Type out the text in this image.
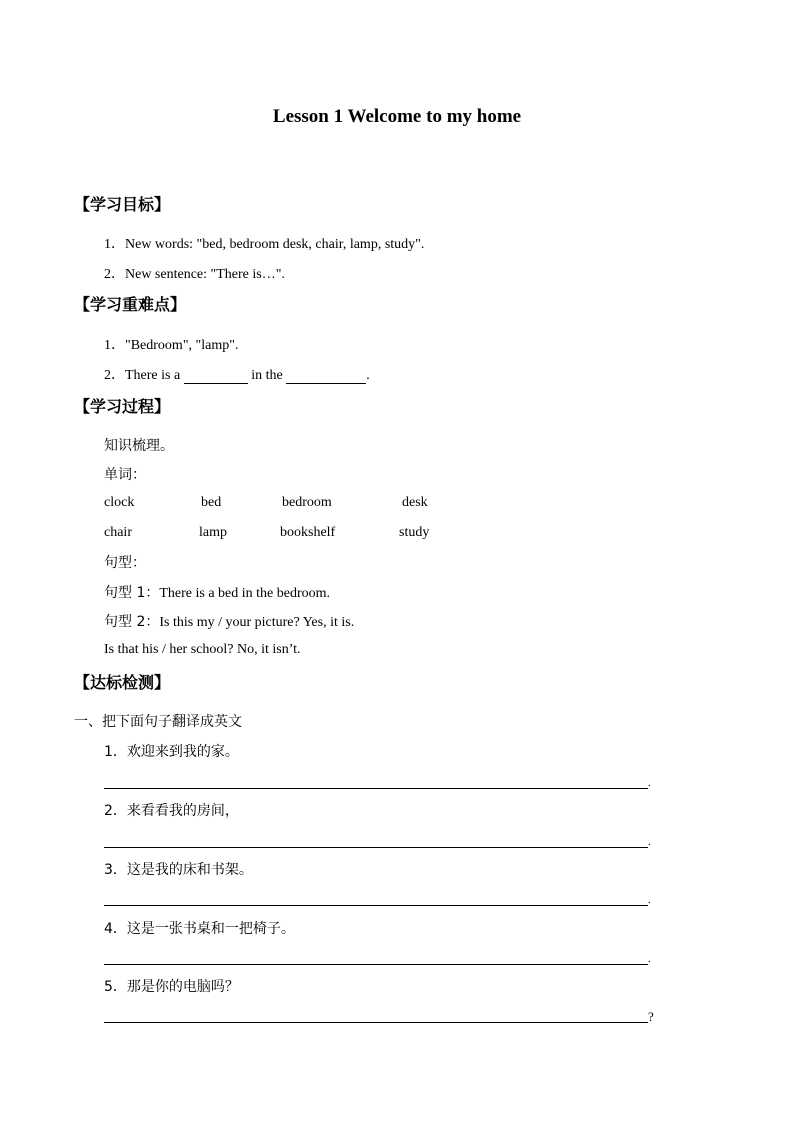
Lesson 1 Welcome to my home
【学习目标】
1．New words: "bed, bedroom desk, chair, lamp, study".
2．New sentence: "There is…".
【学习重难点】
1．"Bedroom", "lamp".
2．There is a	in the	.
【学习过程】
知识梳理。
单词：
clock	bed	bedroom	desk
chair	lamp	bookshelf	study
句型：
句型 1：There is a bed in the bedroom.
句型 2：Is this my / your picture? Yes, it is.
Is that his / her school? No, it isn’t.
【达标检测】
一、把下面句子翻译成英文
1．欢迎来到我的家。
.
2．来看看我的房间，
.
3．这是我的床和书架。
.
4．这是一张书桌和一把椅子。
.
5．那是你的电脑吗？
?
